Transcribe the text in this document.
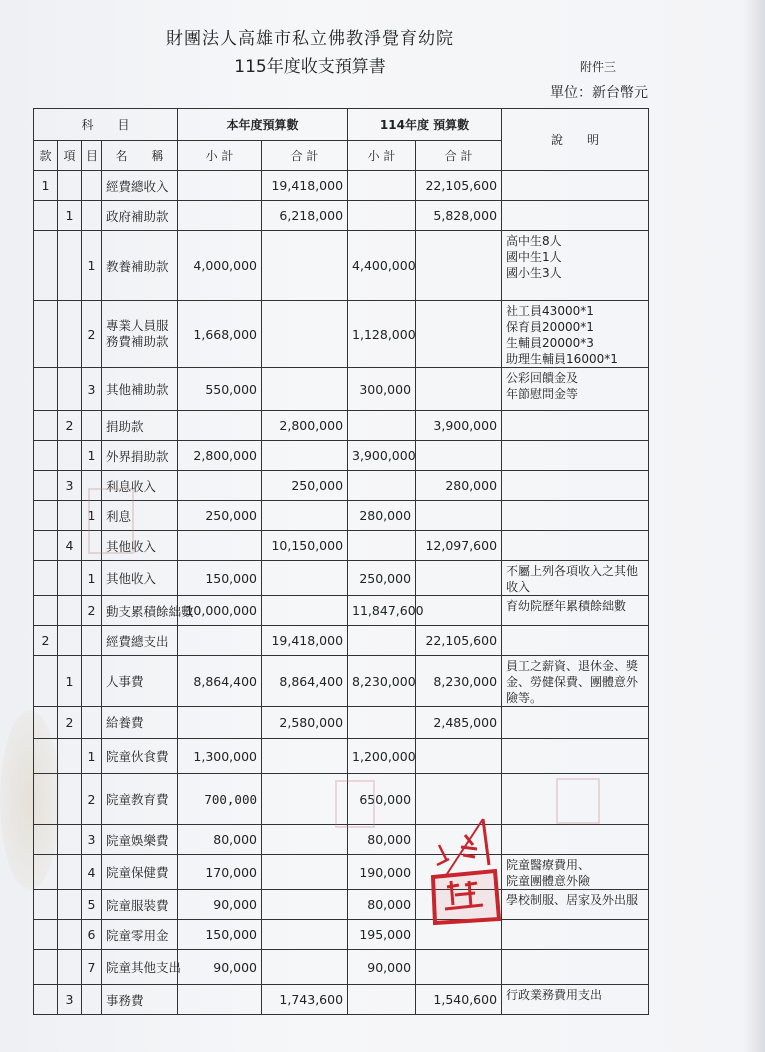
財團法人高雄市私立佛教淨覺育幼院
115年度收支預算書	附件三
單位：新台幣元
科　　目				本年度預算數		114年度 預算數		說　　明
款	項	目	名　　稱	小 計	合 計	小 計	合 計	
1			經費總收入		19,418,000		22,105,600	
	1		政府補助款		6,218,000		5,828,000	
		1	教養補助款	4,000,000		4,400,000		高中生8人
國中生1人
國小生3人
		2	專業人員服務費補助款	1,668,000		1,128,000		社工員43000*1
保育員20000*1
生輔員20000*3
助理生輔員16000*1
		3	其他補助款	550,000		300,000		公彩回饋金及
年節慰問金等
	2		捐助款		2,800,000		3,900,000	
		1	外界捐助款	2,800,000		3,900,000		
	3		利息收入		250,000		280,000	
		1	利息	250,000		280,000		
	4		其他收入		10,150,000		12,097,600	
		1	其他收入	150,000		250,000		不屬上列各項收入之其他收入
		2	動支累積餘絀數	10,000,000		11,847,600		育幼院歷年累積餘絀數
2			經費總支出		19,418,000		22,105,600	
	1		人事費	8,864,400	8,864,400	8,230,000	8,230,000	員工之薪資、退休金、獎金、勞健保費、團體意外險等。
	2		給養費		2,580,000		2,485,000	
		1	院童伙食費	1,300,000		1,200,000		
		2	院童教育費	700,000		650,000		
		3	院童娛樂費	80,000		80,000		
		4	院童保健費	170,000		190,000		院童醫療費用、
院童團體意外險
		5	院童服裝費	90,000		80,000		學校制服、居家及外出服
		6	院童零用金	150,000		195,000		
		7	院童其他支出	90,000		90,000		
	3		事務費		1,743,600		1,540,600	行政業務費用支出
